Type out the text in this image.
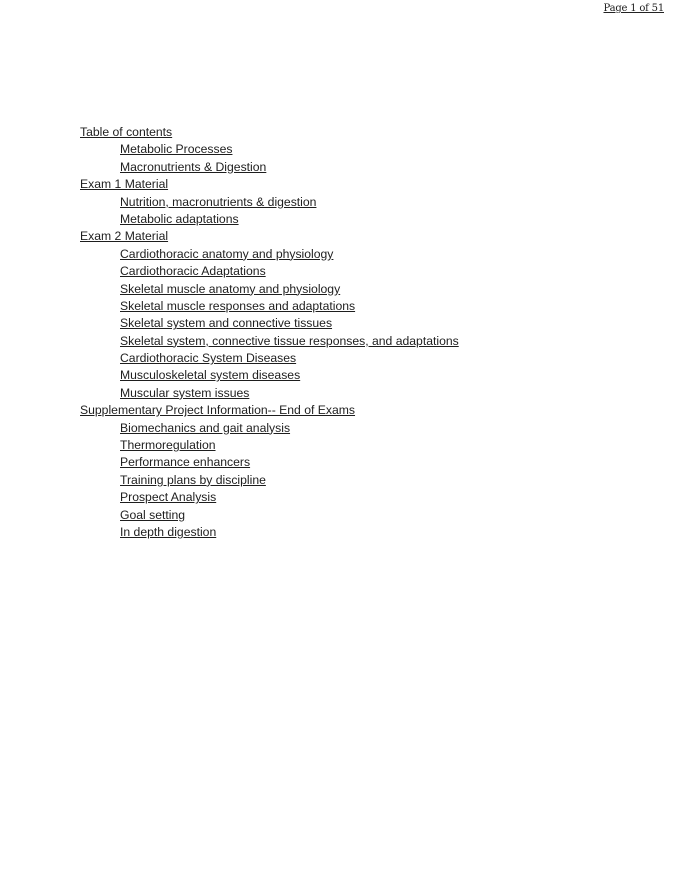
Page 1 of 51
Table of contents
Metabolic Processes
Macronutrients & Digestion
Exam 1 Material
Nutrition, macronutrients & digestion
Metabolic adaptations
Exam 2 Material
Cardiothoracic anatomy and physiology
Cardiothoracic Adaptations
Skeletal muscle anatomy and physiology
Skeletal muscle responses and adaptations
Skeletal system and connective tissues
Skeletal system, connective tissue responses, and adaptations
Cardiothoracic System Diseases
Musculoskeletal system diseases
Muscular system issues
Supplementary Project Information-- End of Exams
Biomechanics and gait analysis
Thermoregulation
Performance enhancers
Training plans by discipline
Prospect Analysis
Goal setting
In depth digestion
